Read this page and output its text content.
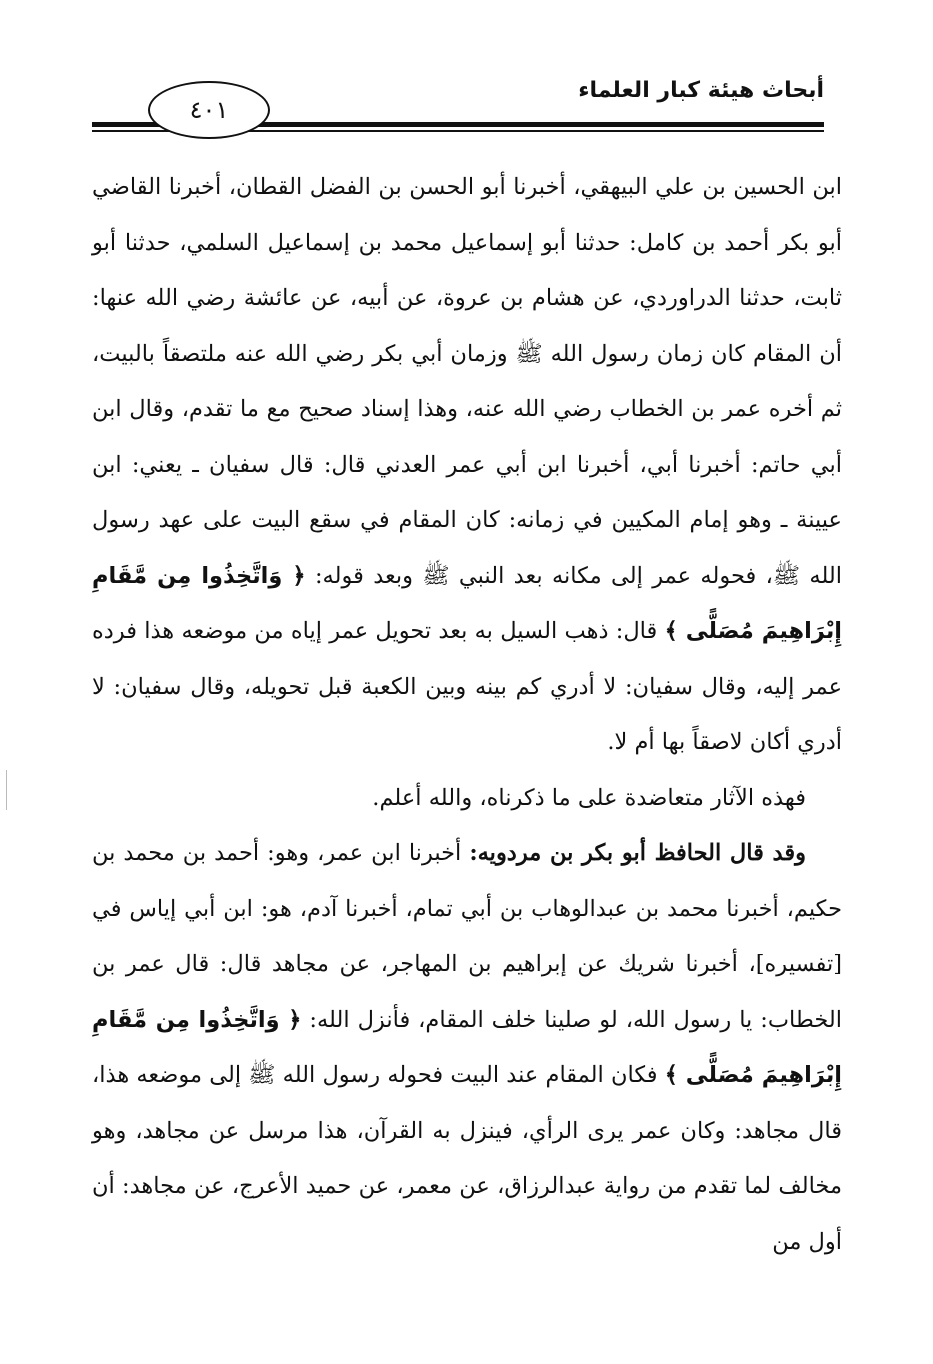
أبحاث هيئة كبار العلماء
٤٠١

ابن الحسين بن علي البيهقي، أخبرنا أبو الحسن بن الفضل القطان، أخبرنا القاضي أبو بكر أحمد بن كامل: حدثنا أبو إسماعيل محمد بن إسماعيل السلمي، حدثنا أبو ثابت، حدثنا الدراوردي، عن هشام بن عروة، عن أبيه، عن عائشة رضي الله عنها: أن المقام كان زمان رسول الله ﷺ وزمان أبي بكر رضي الله عنه ملتصقاً بالبيت، ثم أخره عمر بن الخطاب رضي الله عنه، وهذا إسناد صحيح مع ما تقدم، وقال ابن أبي حاتم: أخبرنا أبي، أخبرنا ابن أبي عمر العدني قال: قال سفيان ـ يعني: ابن عيينة ـ وهو إمام المكيين في زمانه: كان المقام في سقع البيت على عهد رسول الله ﷺ، فحوله عمر إلى مكانه بعد النبي ﷺ وبعد قوله: ﴿ وَاتَّخِذُوا مِن مَّقَامِ إِبْرَاهِيمَ مُصَلًّى ﴾ قال: ذهب السيل به بعد تحويل عمر إياه من موضعه هذا فرده عمر إليه، وقال سفيان: لا أدري كم بينه وبين الكعبة قبل تحويله، وقال سفيان: لا أدري أكان لاصقاً بها أم لا.

فهذه الآثار متعاضدة على ما ذكرناه، والله أعلم.

وقد قال الحافظ أبو بكر بن مردويه: أخبرنا ابن عمر، وهو: أحمد بن محمد بن حكيم، أخبرنا محمد بن عبدالوهاب بن أبي تمام، أخبرنا آدم، هو: ابن أبي إياس في [تفسيره]، أخبرنا شريك عن إبراهيم بن المهاجر، عن مجاهد قال: قال عمر بن الخطاب: يا رسول الله، لو صلينا خلف المقام، فأنزل الله: ﴿ وَاتَّخِذُوا مِن مَّقَامِ إِبْرَاهِيمَ مُصَلًّى ﴾ فكان المقام عند البيت فحوله رسول الله ﷺ إلى موضعه هذا، قال مجاهد: وكان عمر يرى الرأي، فينزل به القرآن، هذا مرسل عن مجاهد، وهو مخالف لما تقدم من رواية عبدالرزاق، عن معمر، عن حميد الأعرج، عن مجاهد: أن أول من
